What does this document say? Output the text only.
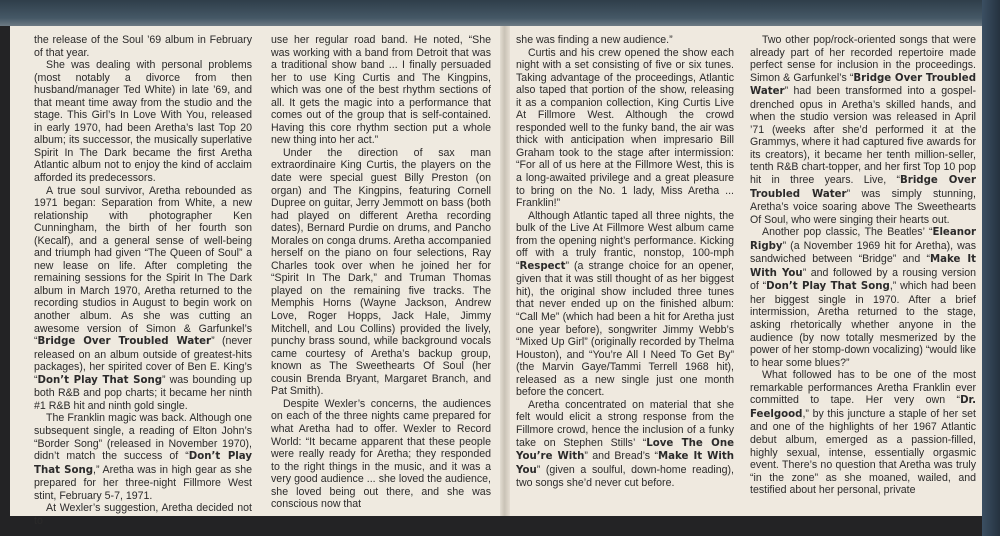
the release of the Soul ’69 album in February of that year.

She was dealing with personal problems (most notably a divorce from then husband/manager Ted White) in late ’69, and that meant time away from the studio and the stage. This Girl’s In Love With You, released in early 1970, had been Aretha’s last Top 20 album; its successor, the musically superlative Spirit In The Dark became the first Aretha Atlantic album not to enjoy the kind of acclaim afforded its predecessors.

A true soul survivor, Aretha rebounded as 1971 began: Separation from White, a new relationship with photographer Ken Cunningham, the birth of her fourth son (Kecalf), and a general sense of well-being and triumph had given “The Queen of Soul” a new lease on life. After completing the remaining sessions for the Spirit In The Dark album in March 1970, Aretha returned to the recording studios in August to begin work on another album. As she was cutting an awesome version of Simon & Garfunkel’s “Bridge Over Troubled Water” (never released on an album outside of greatest-hits packages), her spirited cover of Ben E. King’s “Don’t Play That Song” was bounding up both R&B and pop charts; it became her ninth #1 R&B hit and ninth gold single.

The Franklin magic was back. Although one subsequent single, a reading of Elton John’s “Border Song” (released in November 1970), didn’t match the success of “Don’t Play That Song,” Aretha was in high gear as she prepared for her three-night Fillmore West stint, February 5-7, 1971.

At Wexler’s suggestion, Aretha decided not to

use her regular road band. He noted, “She was working with a band from Detroit that was a traditional show band ... I finally persuaded her to use King Curtis and The Kingpins, which was one of the best rhythm sections of all. It gets the magic into a performance that comes out of the group that is self-contained. Having this core rhythm section put a whole new thing into her act.”

Under the direction of sax man extraordinaire King Curtis, the players on the date were special guest Billy Preston (on organ) and The Kingpins, featuring Cornell Dupree on guitar, Jerry Jemmott on bass (both had played on different Aretha recording dates), Bernard Purdie on drums, and Pancho Morales on conga drums. Aretha accompanied herself on the piano on four selections, Ray Charles took over when he joined her for “Spirit In The Dark,” and Truman Thomas played on the remaining five tracks. The Memphis Horns (Wayne Jackson, Andrew Love, Roger Hopps, Jack Hale, Jimmy Mitchell, and Lou Collins) provided the lively, punchy brass sound, while background vocals came courtesy of Aretha’s backup group, known as The Sweethearts Of Soul (her cousin Brenda Bryant, Margaret Branch, and Pat Smith).

Despite Wexler’s concerns, the audiences on each of the three nights came prepared for what Aretha had to offer. Wexler to Record World: “It became apparent that these people were really ready for Aretha; they responded to the right things in the music, and it was a very good audience ... she loved the audience, she loved being out there, and she was conscious now that

she was finding a new audience.”

Curtis and his crew opened the show each night with a set consisting of five or six tunes. Taking advantage of the proceedings, Atlantic also taped that portion of the show, releasing it as a companion collection, King Curtis Live At Fillmore West. Although the crowd responded well to the funky band, the air was thick with anticipation when impresario Bill Graham took to the stage after intermission: “For all of us here at the Fillmore West, this is a long-awaited privilege and a great pleasure to bring on the No. 1 lady, Miss Aretha ... Franklin!”

Although Atlantic taped all three nights, the bulk of the Live At Fillmore West album came from the opening night’s performance. Kicking off with a truly frantic, nonstop, 100-mph “Respect” (a strange choice for an opener, given that it was still thought of as her biggest hit), the original show included three tunes that never ended up on the finished album: “Call Me” (which had been a hit for Aretha just one year before), songwriter Jimmy Webb’s “Mixed Up Girl” (originally recorded by Thelma Houston), and “You’re All I Need To Get By” (the Marvin Gaye/Tammi Terrell 1968 hit), released as a new single just one month before the concert.

Aretha concentrated on material that she felt would elicit a strong response from the Fillmore crowd, hence the inclusion of a funky take on Stephen Stills’ “Love The One You’re With” and Bread’s “Make It With You” (given a soulful, down-home reading), two songs she’d never cut before.

Two other pop/rock-oriented songs that were already part of her recorded repertoire made perfect sense for inclusion in the proceedings. Simon & Garfunkel’s “Bridge Over Troubled Water” had been transformed into a gospel-drenched opus in Aretha’s skilled hands, and when the studio version was released in April ’71 (weeks after she’d performed it at the Grammys, where it had captured five awards for its creators), it became her tenth million-seller, tenth R&B chart-topper, and her first Top 10 pop hit in three years. Live, “Bridge Over Troubled Water” was simply stunning, Aretha’s voice soaring above The Sweethearts Of Soul, who were singing their hearts out.

Another pop classic, The Beatles’ “Eleanor Rigby” (a November 1969 hit for Aretha), was sandwiched between “Bridge” and “Make It With You” and followed by a rousing version of “Don’t Play That Song,” which had been her biggest single in 1970. After a brief intermission, Aretha returned to the stage, asking rhetorically whether anyone in the audience (by now totally mesmerized by the power of her stomp-down vocalizing) “would like to hear some blues?”

What followed has to be one of the most remarkable performances Aretha Franklin ever committed to tape. Her very own “Dr. Feelgood,” by this juncture a staple of her set and one of the highlights of her 1967 Atlantic debut album, emerged as a passion-filled, highly sexual, intense, essentially orgasmic event. There’s no question that Aretha was truly “in the zone” as she moaned, wailed, and testified about her personal, private
